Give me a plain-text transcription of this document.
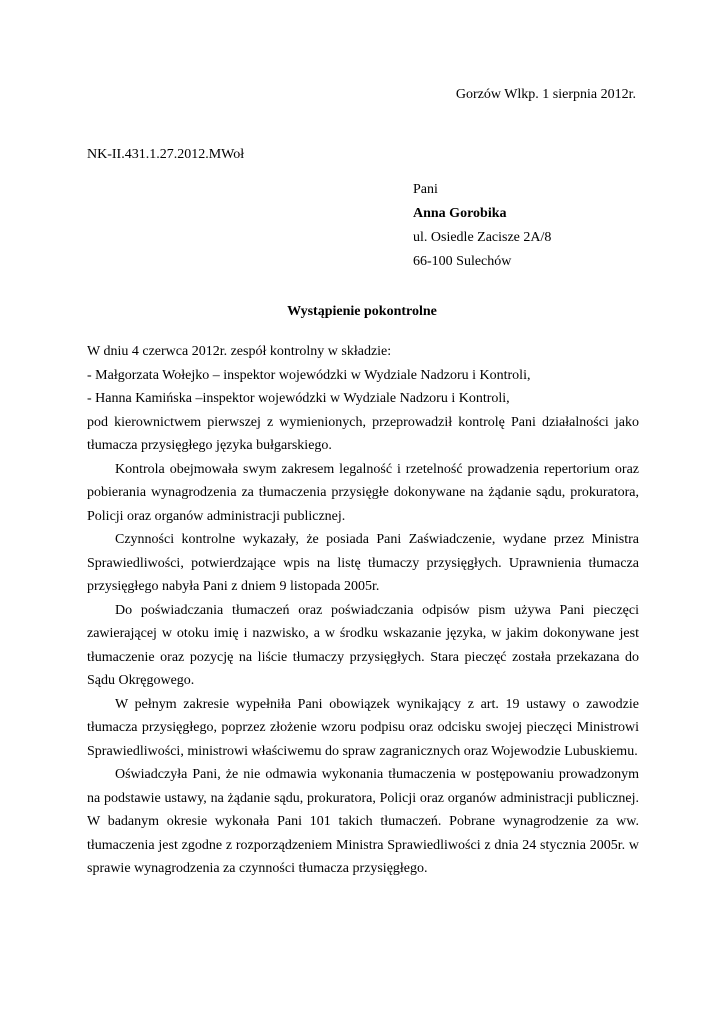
Gorzów Wlkp. 1 sierpnia 2012r.
NK-II.431.1.27.2012.MWoł
Pani
Anna Gorobika
ul. Osiedle Zacisze 2A/8
66-100 Sulechów
Wystąpienie pokontrolne

W dniu 4 czerwca 2012r. zespół kontrolny w składzie:

- Małgorzata Wołejko – inspektor wojewódzki w Wydziale Nadzoru i Kontroli,

- Hanna Kamińska –inspektor wojewódzki w Wydziale Nadzoru i Kontroli,

pod kierownictwem pierwszej z wymienionych, przeprowadził kontrolę Pani działalności jako tłumacza przysięgłego języka bułgarskiego.

Kontrola obejmowała swym zakresem legalność i rzetelność prowadzenia repertorium oraz pobierania wynagrodzenia za tłumaczenia przysięgłe dokonywane na żądanie sądu, prokuratora, Policji oraz organów administracji publicznej.

Czynności kontrolne wykazały, że posiada Pani Zaświadczenie, wydane przez Ministra Sprawiedliwości, potwierdzające wpis na listę tłumaczy przysięgłych. Uprawnienia tłumacza przysięgłego nabyła Pani z dniem 9 listopada 2005r.

Do poświadczania tłumaczeń oraz poświadczania odpisów pism używa Pani pieczęci zawierającej w otoku imię i nazwisko, a w środku wskazanie języka, w jakim dokonywane jest tłumaczenie oraz pozycję na liście tłumaczy przysięgłych. Stara pieczęć została przekazana do Sądu Okręgowego.

W pełnym zakresie wypełniła Pani obowiązek wynikający z art. 19 ustawy o zawodzie tłumacza przysięgłego, poprzez złożenie wzoru podpisu oraz odcisku swojej pieczęci Ministrowi Sprawiedliwości, ministrowi właściwemu do spraw zagranicznych oraz Wojewodzie Lubuskiemu.

Oświadczyła Pani, że nie odmawia wykonania tłumaczenia w postępowaniu prowadzonym na podstawie ustawy, na żądanie sądu, prokuratora, Policji oraz organów administracji publicznej. W badanym okresie wykonała Pani 101 takich tłumaczeń. Pobrane wynagrodzenie za ww. tłumaczenia jest zgodne z rozporządzeniem Ministra Sprawiedliwości z dnia 24 stycznia 2005r. w sprawie wynagrodzenia za czynności tłumacza przysięgłego.
